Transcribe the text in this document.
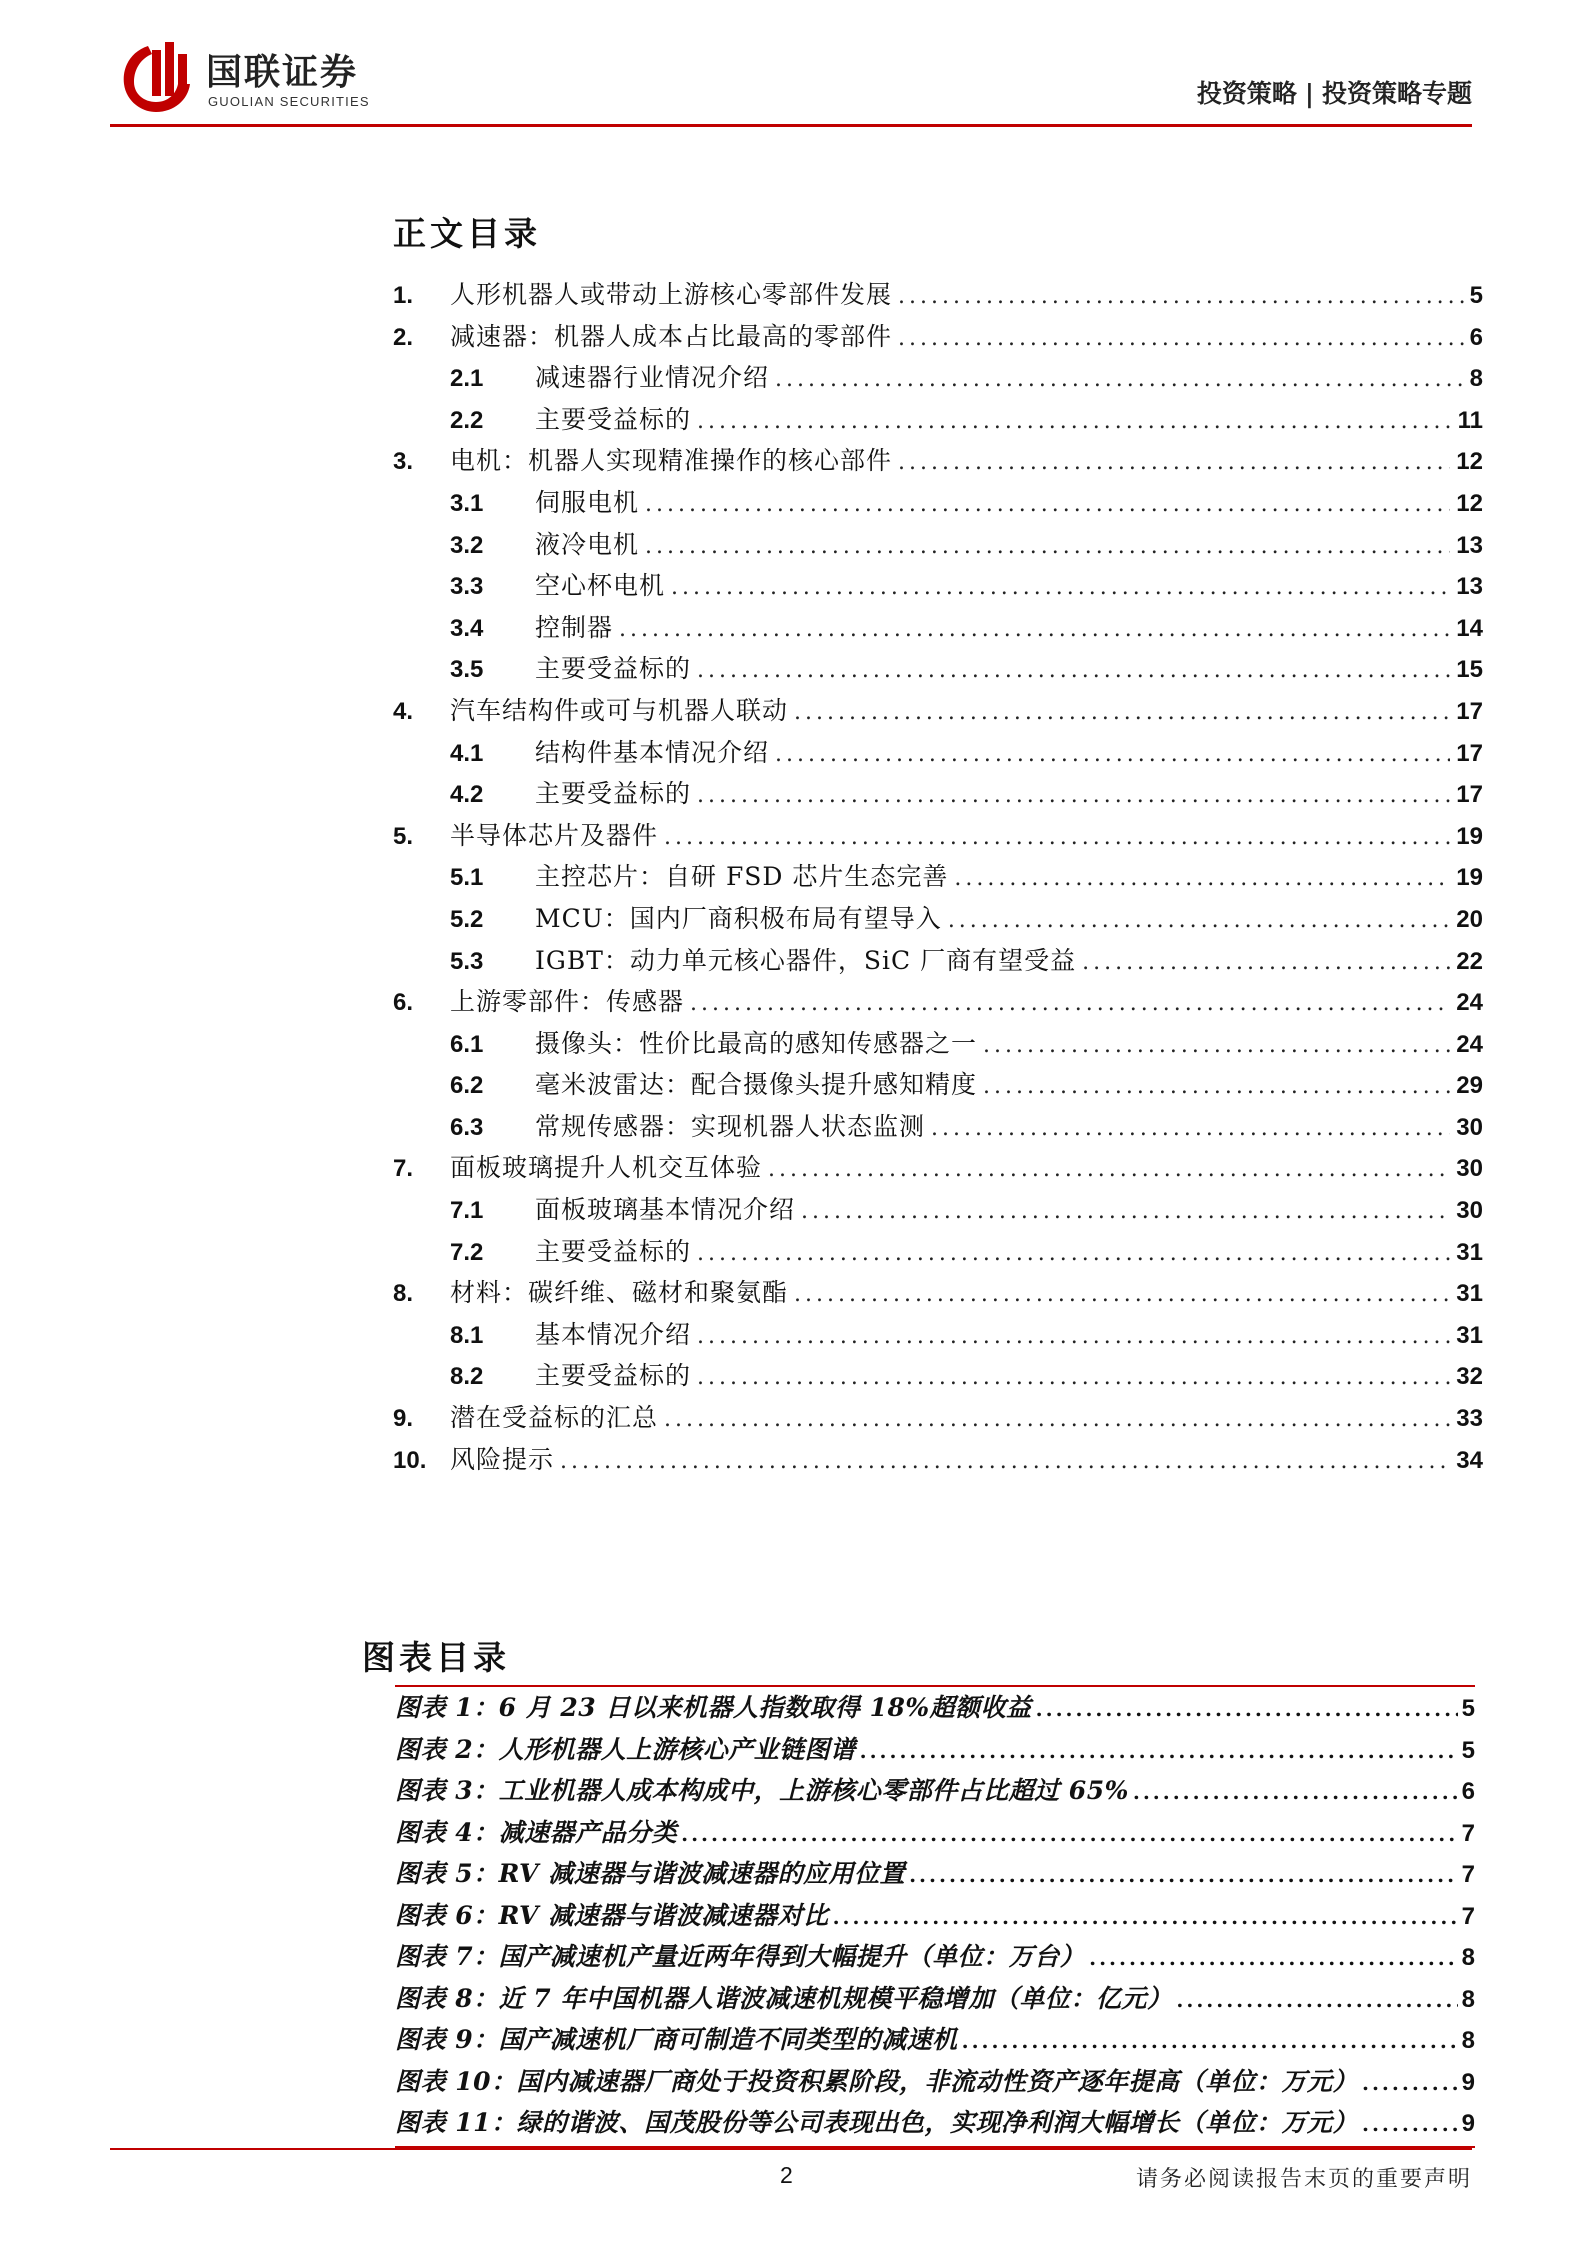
国联证券
GUOLIAN SECURITIES	投资策略 | 投资策略专题
正文目录
1.	人形机器人或带动上游核心零部件发展 .....	5
2.	减速器：机器人成本占比最高的零部件 .....	6
2.1	减速器行业情况介绍 .....	8
2.2	主要受益标的 .....	11
3.	电机：机器人实现精准操作的核心部件 .....	12
3.1	伺服电机 .....	12
3.2	液冷电机 .....	13
3.3	空心杯电机 .....	13
3.4	控制器 .....	14
3.5	主要受益标的 .....	15
4.	汽车结构件或可与机器人联动 .....	17
4.1	结构件基本情况介绍 .....	17
4.2	主要受益标的 .....	17
5.	半导体芯片及器件 .....	19
5.1	主控芯片：自研 FSD 芯片生态完善 .....	19
5.2	MCU：国内厂商积极布局有望导入 .....	20
5.3	IGBT：动力单元核心器件，SiC 厂商有望受益 .....	22
6.	上游零部件：传感器 .....	24
6.1	摄像头：性价比最高的感知传感器之一 .....	24
6.2	毫米波雷达：配合摄像头提升感知精度 .....	29
6.3	常规传感器：实现机器人状态监测 .....	30
7.	面板玻璃提升人机交互体验 .....	30
7.1	面板玻璃基本情况介绍 .....	30
7.2	主要受益标的 .....	31
8.	材料：碳纤维、磁材和聚氨酯 .....	31
8.1	基本情况介绍 .....	31
8.2	主要受益标的 .....	32
9.	潜在受益标的汇总 .....	33
10. 风险提示 .....	34
图表目录
图表 1：6 月 23 日以来机器人指数取得 18%超额收益 .....	5
图表 2：人形机器人上游核心产业链图谱 .....	5
图表 3：工业机器人成本构成中，上游核心零部件占比超过 65% .....	6
图表 4：减速器产品分类 .....	7
图表 5：RV 减速器与谐波减速器的应用位置 .....	7
图表 6：RV 减速器与谐波减速器对比 .....	7
图表 7：国产减速机产量近两年得到大幅提升（单位：万台） .....	8
图表 8：近 7 年中国机器人谐波减速机规模平稳增加（单位：亿元） .....	8
图表 9：国产减速机厂商可制造不同类型的减速机 .....	8
图表 10：国内减速器厂商处于投资积累阶段，非流动性资产逐年提高（单位：万元） .....	9
图表 11：绿的谐波、国茂股份等公司表现出色，实现净利润大幅增长（单位：万元） .....	9
2	请务必阅读报告末页的重要声明
